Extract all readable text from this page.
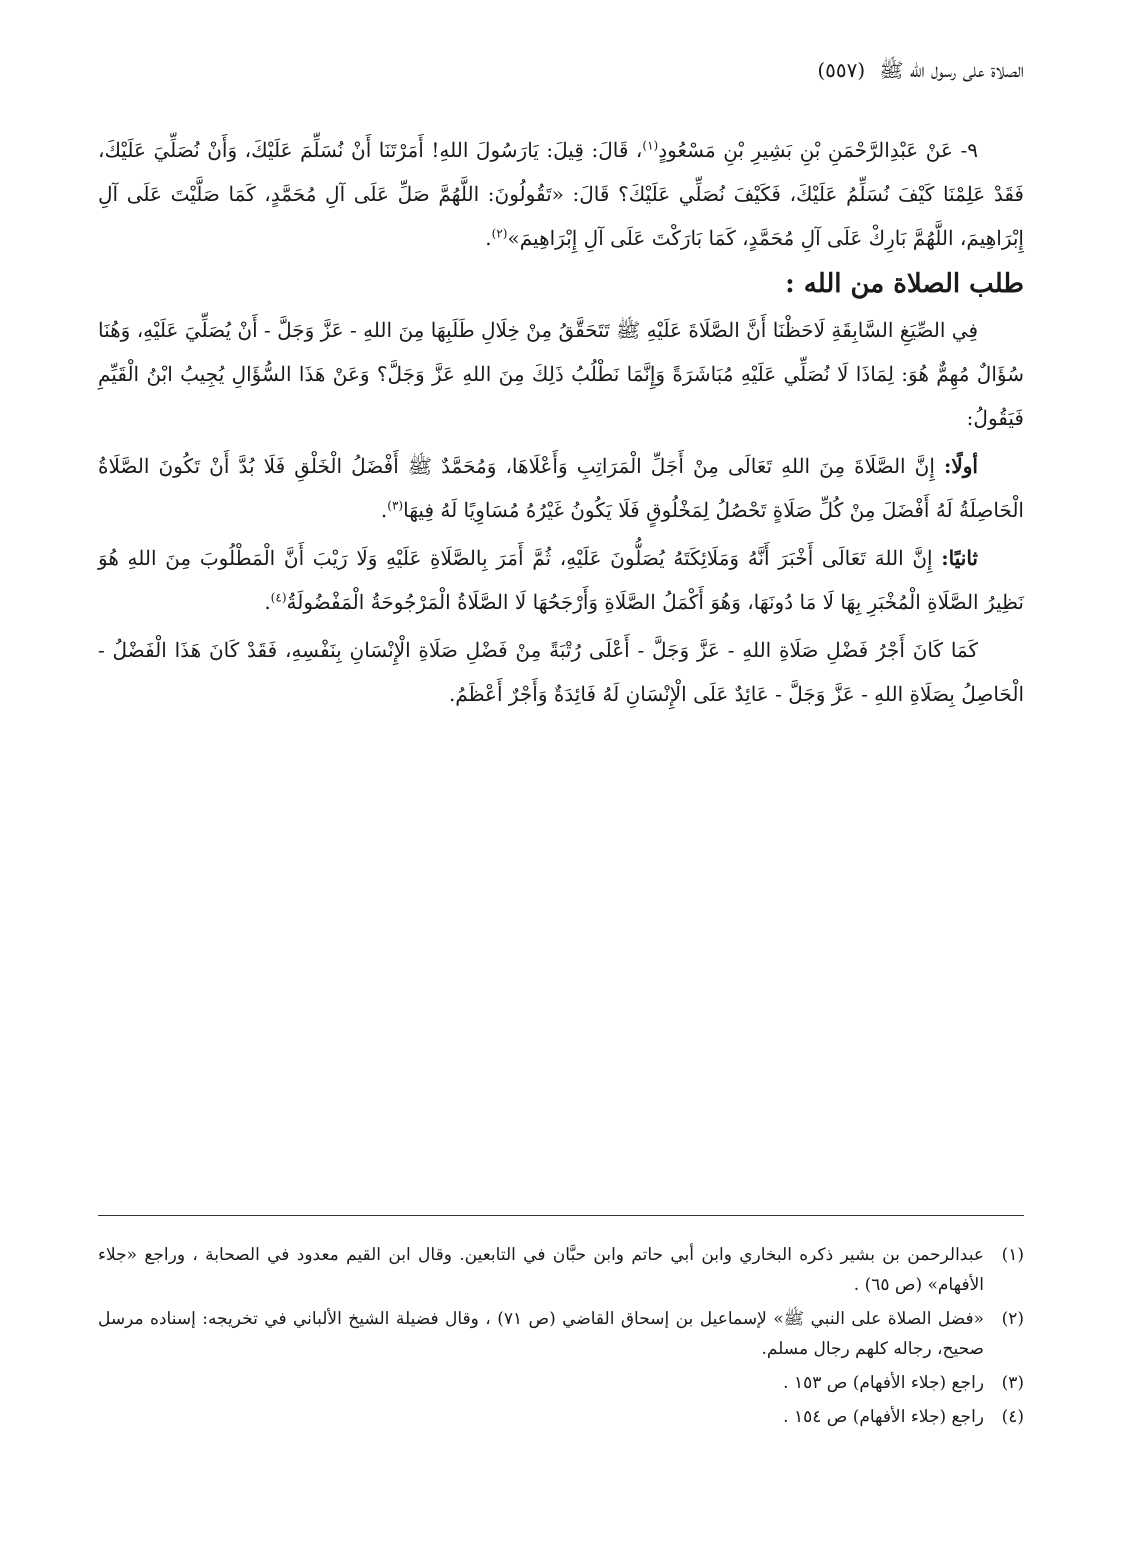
الصلاة على رسول الله ﷺ(٥٥٧)

٩- عَنْ عَبْدِالرَّحْمَنِ بْنِ بَشِيرِ بْنِ مَسْعُودٍ$^{(١)}$، قَالَ: قِيلَ: يَارَسُولَ اللهِ! أَمَرْتَنَا أَنْ نُسَلِّمَ عَلَيْكَ، وَأَنْ نُصَلِّيَ عَلَيْكَ، فَقَدْ عَلِمْنَا كَيْفَ نُسَلِّمُ عَلَيْكَ، فَكَيْفَ نُصَلِّي عَلَيْكَ؟ قَالَ: «تَقُولُونَ: اللَّهُمَّ صَلِّ عَلَى آلِ مُحَمَّدٍ، كَمَا صَلَّيْتَ عَلَى آلِ إِبْرَاهِيمَ، اللَّهُمَّ بَارِكْ عَلَى آلِ مُحَمَّدٍ، كَمَا بَارَكْتَ عَلَى آلِ إِبْرَاهِيمَ»$^{(٢)}$.

طلب الصلاة من الله :

فِي الصِّيَغِ السَّابِقَةِ لَاحَظْنَا أَنَّ الصَّلَاةَ عَلَيْهِ ﷺ تَتَحَقَّقُ مِنْ خِلَالِ طَلَبِهَا مِنَ اللهِ - عَزَّ وَجَلَّ - أَنْ يُصَلِّيَ عَلَيْهِ، وَهُنَا سُؤَالٌ مُهِمٌّ هُوَ: لِمَاذَا لَا نُصَلِّي عَلَيْهِ مُبَاشَرَةً وَإِنَّمَا نَطْلُبُ ذَلِكَ مِنَ اللهِ عَزَّ وَجَلَّ؟ وَعَنْ هَذَا السُّؤَالِ يُجِيبُ ابْنُ الْقَيِّمِ فَيَقُولُ:

أولًا: إِنَّ الصَّلَاةَ مِنَ اللهِ تَعَالَى مِنْ أَجَلِّ الْمَرَاتِبِ وَأَعْلَاهَا، وَمُحَمَّدٌ ﷺ أَفْضَلُ الْخَلْقِ فَلَا بُدَّ أَنْ تَكُونَ الصَّلَاةُ الْحَاصِلَةُ لَهُ أَفْضَلَ مِنْ كُلِّ صَلَاةٍ تَحْصُلُ لِمَخْلُوقٍ فَلَا يَكُونُ غَيْرُهُ مُسَاوِيًا لَهُ فِيهَا$^{(٣)}$.

ثانيًا: إِنَّ اللهَ تَعَالَى أَخْبَرَ أَنَّهُ وَمَلَائِكَتَهُ يُصَلُّونَ عَلَيْهِ، ثُمَّ أَمَرَ بِالصَّلَاةِ عَلَيْهِ وَلَا رَيْبَ أَنَّ الْمَطْلُوبَ مِنَ اللهِ هُوَ نَظِيرُ الصَّلَاةِ الْمُخْبَرِ بِهَا لَا مَا دُونَهَا، وَهُوَ أَكْمَلُ الصَّلَاةِ وَأَرْجَحُهَا لَا الصَّلَاةُ الْمَرْجُوحَةُ الْمَفْضُولَةُ$^{(٤)}$.

كَمَا كَانَ أَجْرُ فَضْلِ صَلَاةِ اللهِ - عَزَّ وَجَلَّ - أَعْلَى رُتْبَةً مِنْ فَضْلِ صَلَاةِ الْإِنْسَانِ بِنَفْسِهِ، فَقَدْ كَانَ هَذَا الْفَضْلُ - الْحَاصِلُ بِصَلَاةِ اللهِ - عَزَّ وَجَلَّ - عَائِدٌ عَلَى الْإِنْسَانِ لَهُ فَائِدَةٌ وَأَجْرٌ أَعْظَمُ.

(١)عبدالرحمن بن بشير ذكره البخاري وابن أبي حاتم وابن حبَّان في التابعين. وقال ابن القيم معدود في الصحابة ، وراجع «جلاء الأفهام» (ص ٦٥) .

(٢)«فضل الصلاة على النبي ﷺ» لإسماعيل بن إسحاق القاضي (ص ٧١) ، وقال فضيلة الشيخ الألباني في تخريجه: إسناده مرسل صحيح، رجاله كلهم رجال مسلم.

(٣)راجع (جلاء الأفهام) ص ١٥٣ .

(٤)راجع (جلاء الأفهام) ص ١٥٤ .
